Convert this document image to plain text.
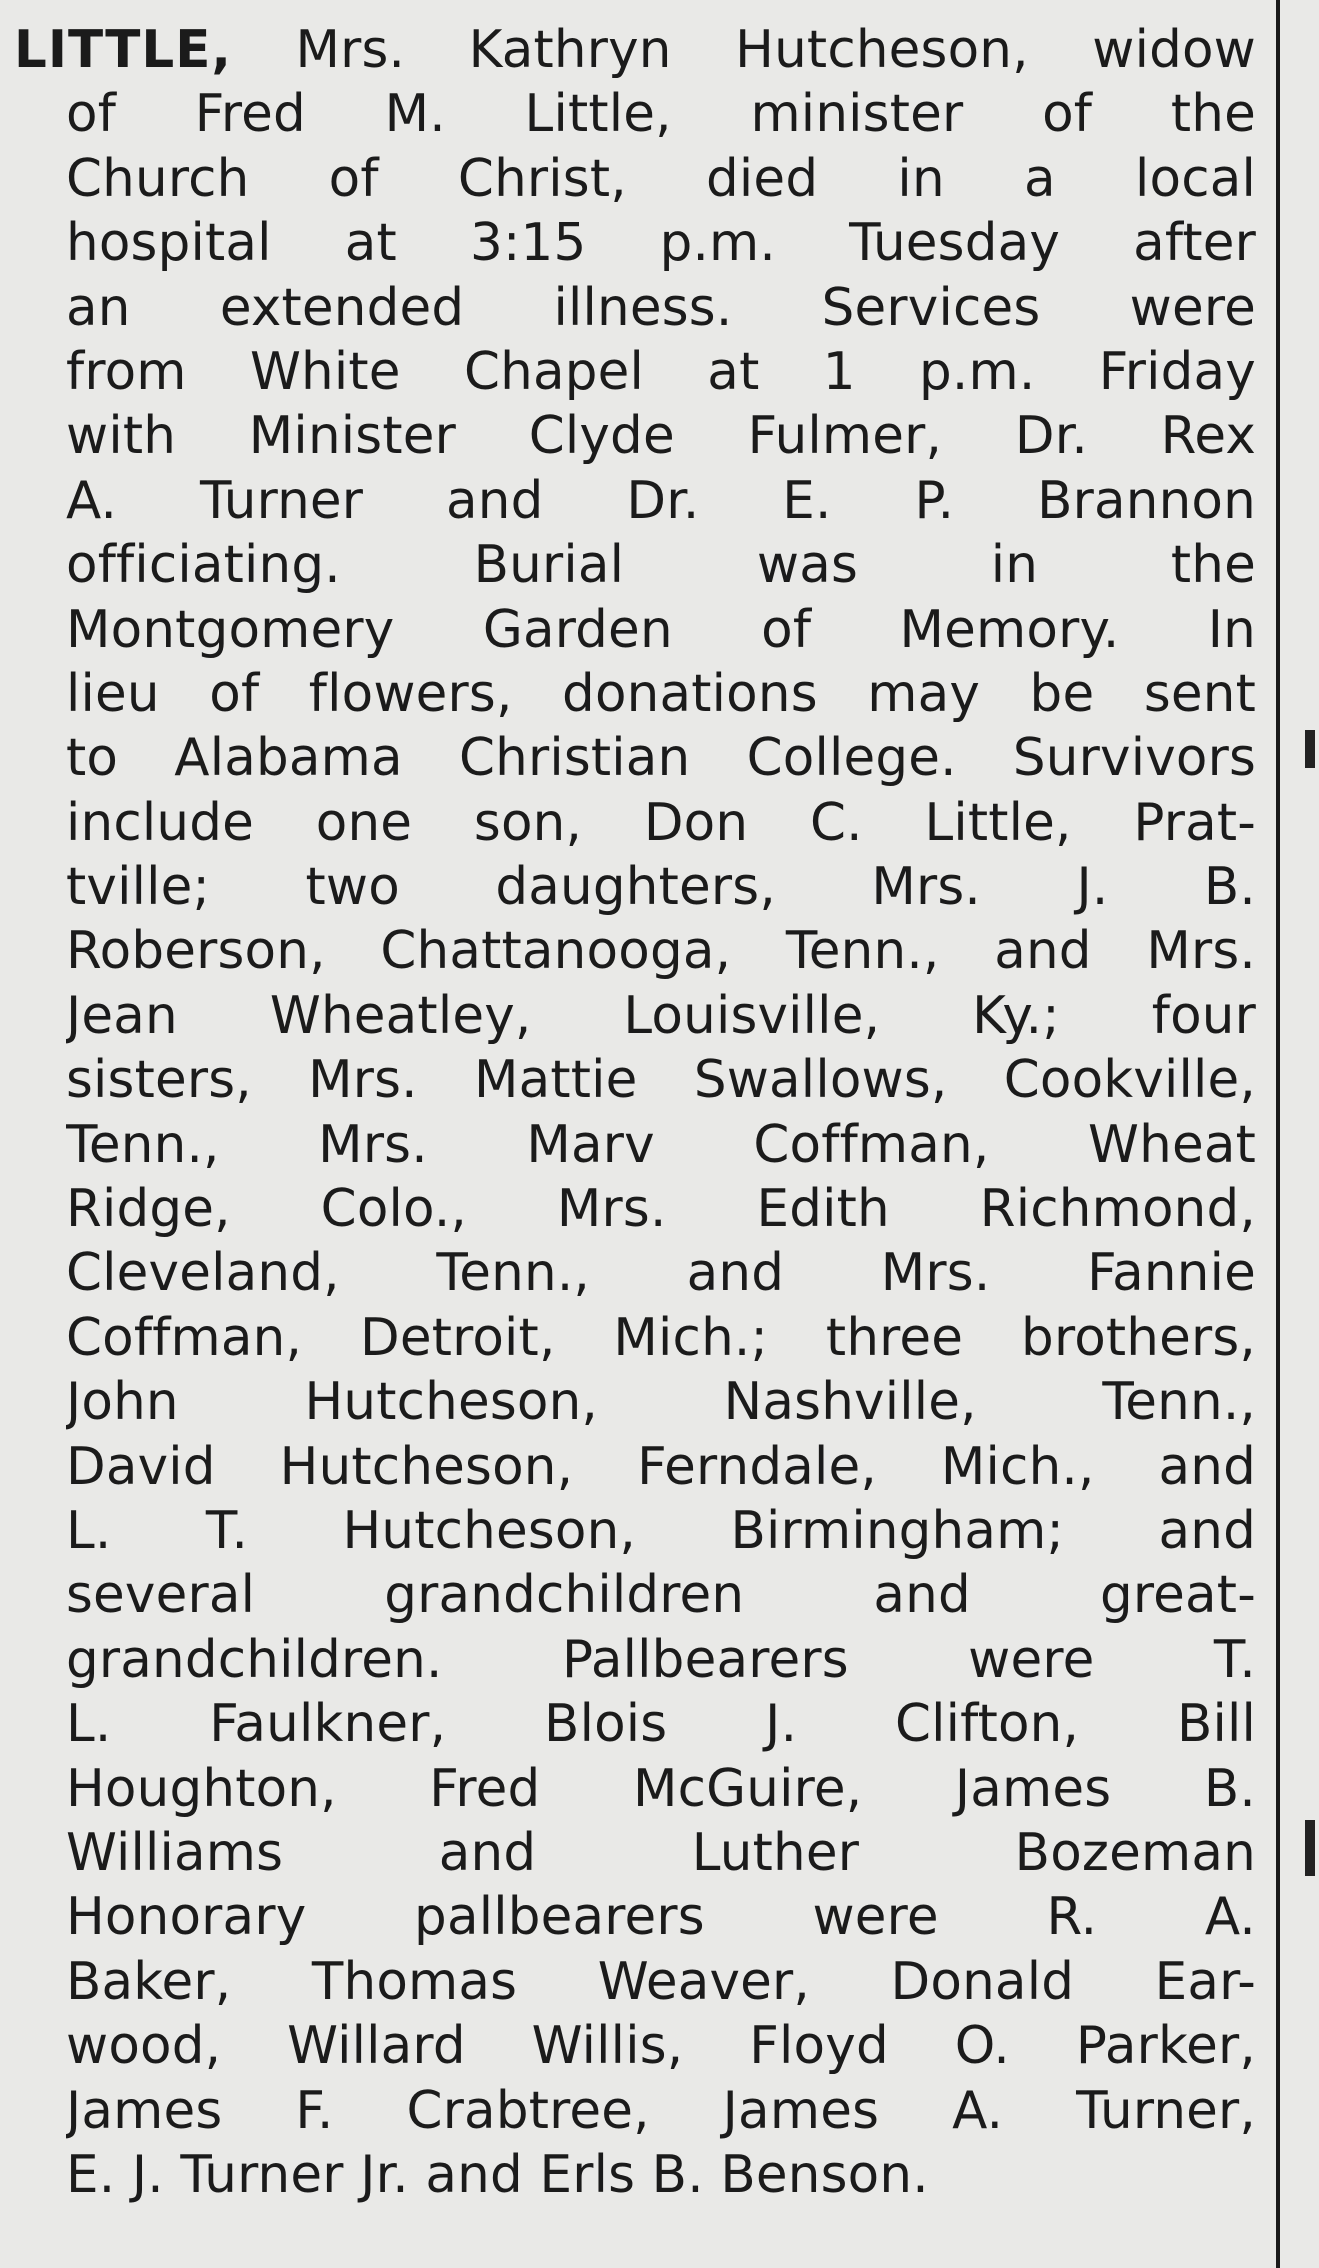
LITTLE, Mrs. Kathryn Hutcheson, widow
of Fred M. Little, minister of the
Church of Christ, died in a local
hospital at 3:15 p.m. Tuesday after
an extended illness. Services were
from White Chapel at 1 p.m. Friday
with Minister Clyde Fulmer, Dr. Rex
A. Turner and Dr. E. P. Brannon
officiating. Burial was in the
Montgomery Garden of Memory. In
lieu of flowers, donations may be sent
to Alabama Christian College. Survivors
include one son, Don C. Little, Prat-
tville; two daughters, Mrs. J. B.
Roberson, Chattanooga, Tenn., and Mrs.
Jean Wheatley, Louisville, Ky.; four
sisters, Mrs. Mattie Swallows, Cookville,
Tenn., Mrs. Marv Coffman, Wheat
Ridge, Colo., Mrs. Edith Richmond,
Cleveland, Tenn., and Mrs. Fannie
Coffman, Detroit, Mich.; three brothers,
John Hutcheson, Nashville, Tenn.,
David Hutcheson, Ferndale, Mich., and
L. T. Hutcheson, Birmingham; and
several grandchildren and great-
grandchildren. Pallbearers were T.
L. Faulkner, Blois J. Clifton, Bill
Houghton, Fred McGuire, James B.
Williams and Luther Bozeman
Honorary pallbearers were R. A.
Baker, Thomas Weaver, Donald Ear-
wood, Willard Willis, Floyd O. Parker,
James F. Crabtree, James A. Turner,
E. J. Turner Jr. and Erls B. Benson.
